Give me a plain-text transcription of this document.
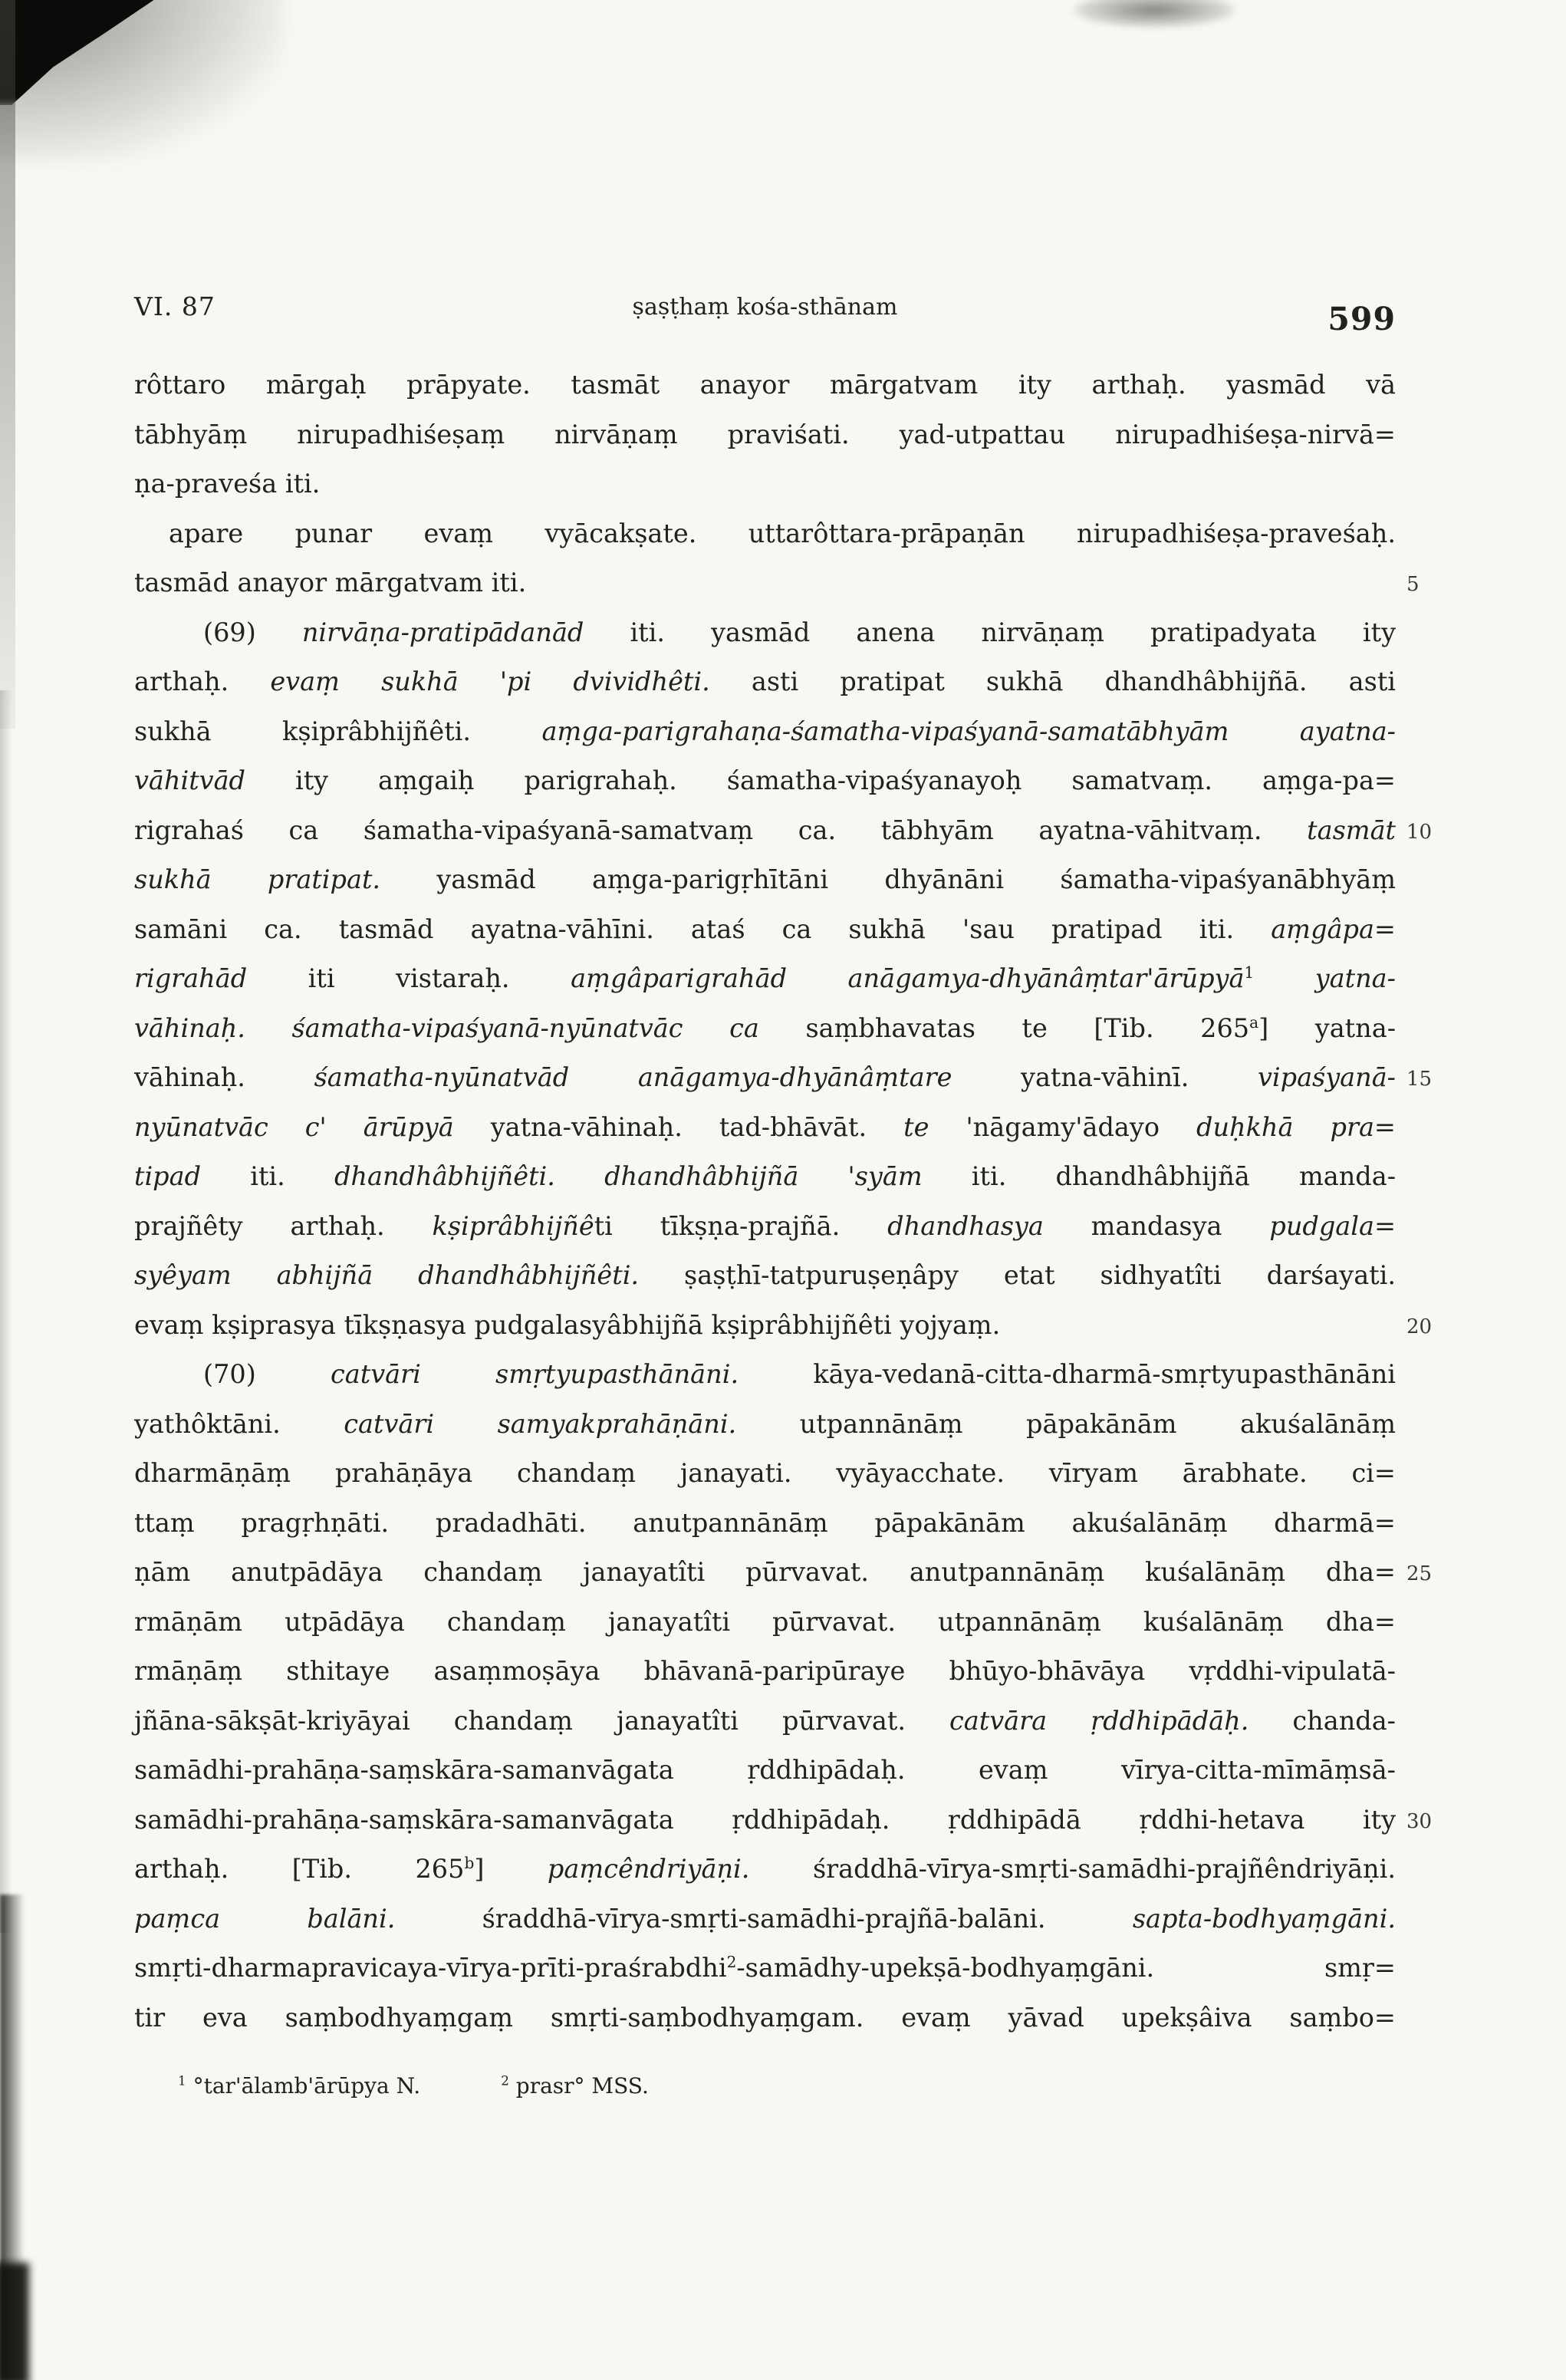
VI. 87	ṣaṣṭhaṃ kośa-sthānam	599
rôttaro mārgaḥ prāpyate. tasmāt anayor mārgatvam ity arthaḥ. yasmād vā
tābhyāṃ nirupadhiśeṣaṃ nirvāṇaṃ praviśati. yad-utpattau nirupadhiśeṣa-nirvā=
ṇa-praveśa iti.
apare punar evaṃ vyācakṣate. uttarôttara-prāpaṇān nirupadhiśeṣa-praveśaḥ.
tasmād anayor mārgatvam iti.	5
(69) nirvāṇa-pratipādanād iti. yasmād anena nirvāṇaṃ pratipadyata ity
arthaḥ. evaṃ sukhā 'pi dvividhêti. asti pratipat sukhā dhandhâbhijñā. asti
sukhā kṣiprâbhijñêti. aṃga-parigrahaṇa-śamatha-vipaśyanā-samatābhyām ayatna-
vāhitvād ity aṃgaiḥ parigrahaḥ. śamatha-vipaśyanayoḥ samatvaṃ. aṃga-pa=
rigrahaś ca śamatha-vipaśyanā-samatvaṃ ca. tābhyām ayatna-vāhitvaṃ. tasmāt 10
sukhā pratipat. yasmād aṃga-parigṛhītāni dhyānāni śamatha-vipaśyanābhyāṃ
samāni ca. tasmād ayatna-vāhīni. ataś ca sukhā 'sau pratipad iti. aṃgâpa=
rigrahād iti vistaraḥ. aṃgâparigrahād anāgamya-dhyānâṃtar'ārūpyā$^1$ yatna-
vāhinaḥ. śamatha-vipaśyanā-nyūnatvāc ca saṃbhavatas te [Tib. 265$^a$] yatna-
vāhinaḥ. śamatha-nyūnatvād anāgamya-dhyānâṃtare yatna-vāhinī. vipaśyanā- 15
nyūnatvāc c' ārūpyā yatna-vāhinaḥ. tad-bhāvāt. te 'nāgamy'ādayo duḥkhā pra=
tipad iti. dhandhâbhijñêti. dhandhâbhijñā 'syām iti. dhandhâbhijñā manda-
prajñêty arthaḥ. kṣiprâbhijñêti tīkṣṇa-prajñā. dhandhasya mandasya pudgala=
syêyam abhijñā dhandhâbhijñêti. ṣaṣṭhī-tatpuruṣeṇâpy etat sidhyatîti darśayati.
evaṃ kṣiprasya tīkṣṇasya pudgalasyâbhijñā kṣiprâbhijñêti yojyaṃ.	20
(70) catvāri smṛtyupasthānāni. kāya-vedanā-citta-dharmā-smṛtyupasthānāni
yathôktāni. catvāri samyakprahāṇāni. utpannānāṃ pāpakānām akuśalānāṃ
dharmāṇāṃ prahāṇāya chandaṃ janayati. vyāyacchate. vīryam ārabhate. ci=
ttaṃ pragṛhṇāti. pradadhāti. anutpannānāṃ pāpakānām akuśalānāṃ dharmā=
ṇām anutpādāya chandaṃ janayatîti pūrvavat. anutpannānāṃ kuśalānāṃ dha= 25
rmāṇām utpādāya chandaṃ janayatîti pūrvavat. utpannānāṃ kuśalānāṃ dha=
rmāṇāṃ sthitaye asaṃmoṣāya bhāvanā-paripūraye bhūyo-bhāvāya vṛddhi-vipulatā-
jñāna-sākṣāt-kriyāyai chandaṃ janayatîti pūrvavat. catvāra ṛddhipādāḥ. chanda-
samādhi-prahāṇa-saṃskāra-samanvāgata ṛddhipādaḥ. evaṃ vīrya-citta-mīmāṃsā-
samādhi-prahāṇa-saṃskāra-samanvāgata ṛddhipādaḥ. ṛddhipādā ṛddhi-hetava ity 30
arthaḥ. [Tib. 265$^b$] paṃcêndriyāṇi. śraddhā-vīrya-smṛti-samādhi-prajñêndriyāṇi.
paṃca balāni. śraddhā-vīrya-smṛti-samādhi-prajñā-balāni. sapta-bodhyaṃgāni.
smṛti-dharmapravicaya-vīrya-prīti-praśrabdhi$^2$-samādhy-upekṣā-bodhyaṃgāni. smṛ=
tir eva saṃbodhyaṃgaṃ smṛti-saṃbodhyaṃgam. evaṃ yāvad upekṣâiva saṃbo=
$^1$ °tar'ālamb'ārūpya N.	$^2$ prasr° MSS.
